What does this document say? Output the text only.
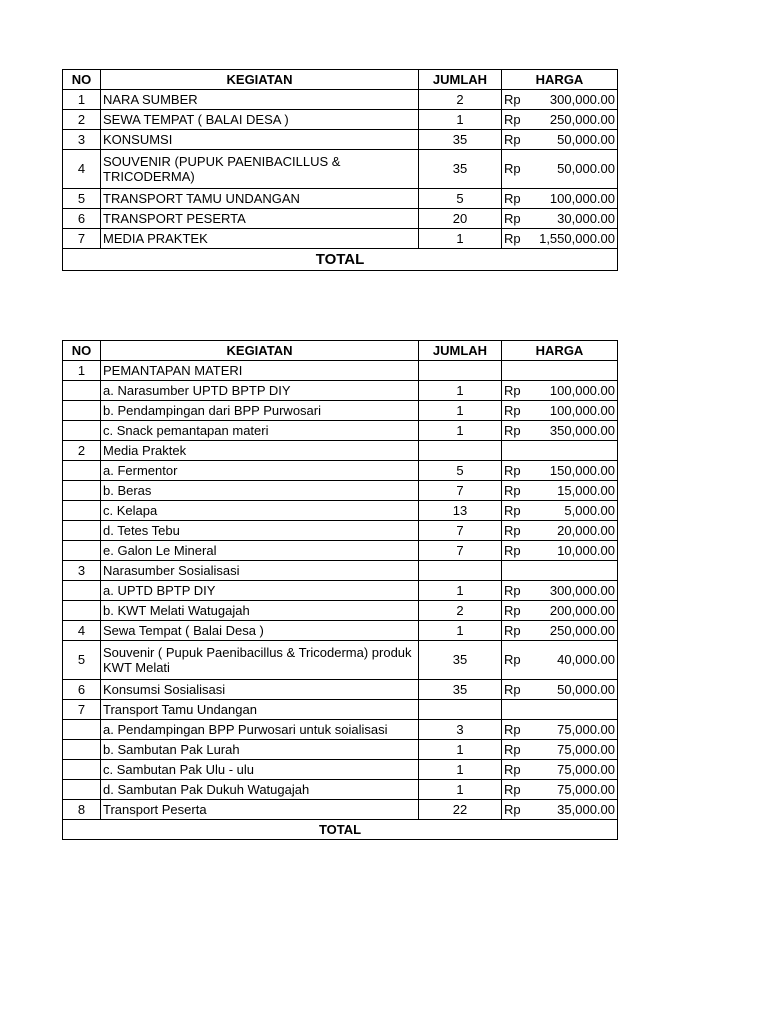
NO	KEGIATAN	JUMLAH	HARGA
1	NARA SUMBER	2	Rp 300,000.00

2	SEWA TEMPAT ( BALAI DESA )	1	Rp 250,000.00

3	KONSUMSI	35	Rp 50,000.00

4	SOUVENIR (PUPUK PAENIBACILLUS & TRICODERMA)	35	Rp 50,000.00

5	TRANSPORT TAMU UNDANGAN	5	Rp 100,000.00

6	TRANSPORT PESERTA	20	Rp 30,000.00

7	MEDIA PRAKTEK	1	Rp 1,550,000.00

TOTAL			
NO	KEGIATAN	JUMLAH	HARGA
1	PEMANTAPAN MATERI		
	a. Narasumber UPTD BPTP DIY	1	Rp 100,000.00

	b. Pendampingan dari BPP Purwosari	1	Rp 100,000.00

	c. Snack pemantapan materi	1	Rp 350,000.00

2	Media Praktek		
	a. Fermentor	5	Rp 150,000.00

	b. Beras	7	Rp 15,000.00

	c. Kelapa	13	Rp 5,000.00

	d. Tetes Tebu	7	Rp 20,000.00

	e. Galon Le Mineral	7	Rp 10,000.00

3	Narasumber Sosialisasi		
	a. UPTD BPTP DIY	1	Rp 300,000.00

	b. KWT Melati Watugajah	2	Rp 200,000.00

4	Sewa Tempat ( Balai Desa )	1	Rp 250,000.00

5	Souvenir ( Pupuk Paenibacillus & Tricoderma) produk KWT Melati	35	Rp 40,000.00

6	Konsumsi Sosialisasi	35	Rp 50,000.00

7	Transport Tamu Undangan		
	a. Pendampingan BPP Purwosari untuk soialisasi	3	Rp 75,000.00

	b. Sambutan Pak Lurah	1	Rp 75,000.00

	c. Sambutan Pak Ulu - ulu	1	Rp 75,000.00

	d. Sambutan Pak Dukuh Watugajah	1	Rp 75,000.00

8	Transport Peserta	22	Rp 35,000.00

TOTAL			
